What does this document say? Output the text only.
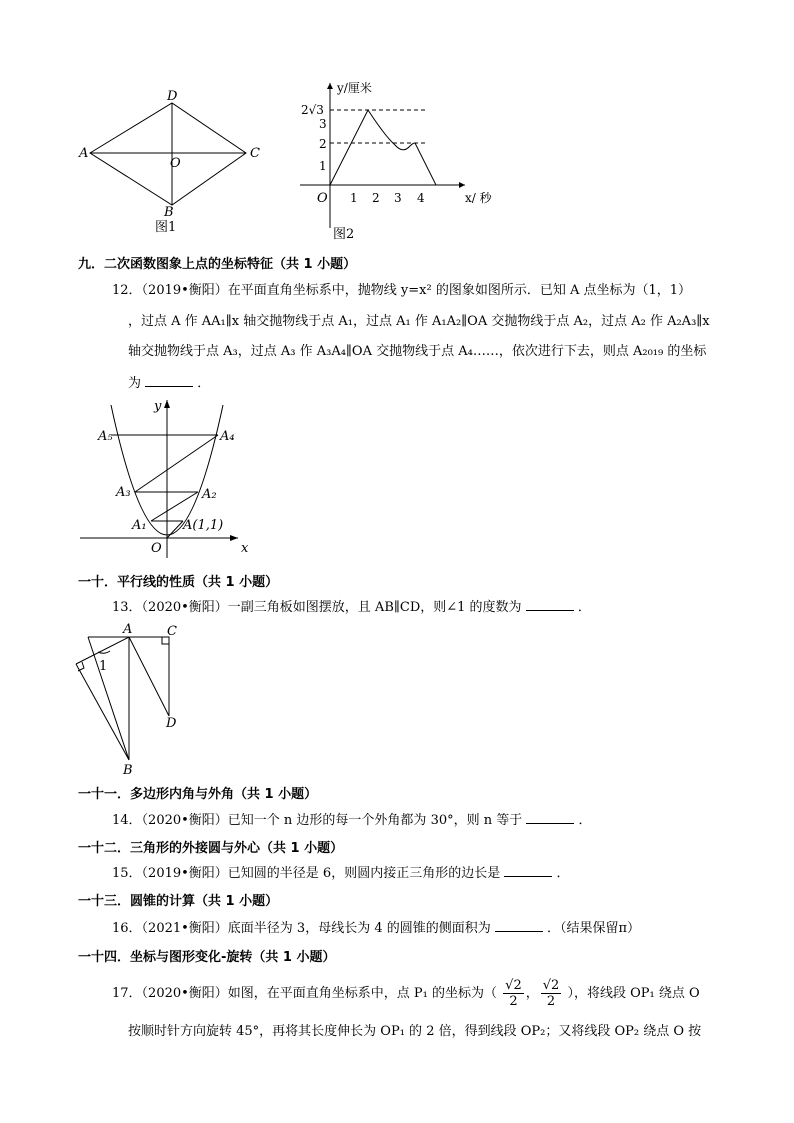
A
D
C
O
B
图1
y/厘米
x/ 秒
O
2√3
3
2
1
1 2 3 4
图2
九．二次函数图象上点的坐标特征（共 1 小题）
12．（2019•衡阳）在平面直角坐标系中，抛物线 y=x² 的图象如图所示．已知 A 点坐标为（1，1）
，过点 A 作 AA₁∥x 轴交抛物线于点 A₁，过点 A₁ 作 A₁A₂∥OA 交抛物线于点 A₂，过点 A₂ 作 A₂A₃∥x
轴交抛物线于点 A₃，过点 A₃ 作 A₃A₄∥OA 交抛物线于点 A₄……，依次进行下去，则点 A₂₀₁₉ 的坐标
为	．
y
x
O
A₅	A₄
A₃	A₂
A₁	A(1,1)
一十．平行线的性质（共 1 小题）
13．（2020•衡阳）一副三角板如图摆放，且 AB∥CD，则∠1 的度数为	．
A	C
D
B
1
一十一．多边形内角与外角（共 1 小题）
14．（2020•衡阳）已知一个 n 边形的每一个外角都为 30°，则 n 等于	．
一十二．三角形的外接圆与外心（共 1 小题）
15．（2019•衡阳）已知圆的半径是 6，则圆内接正三角形的边长是	．
一十三．圆锥的计算（共 1 小题）
16．（2021•衡阳）底面半径为 3，母线长为 4 的圆锥的侧面积为	．（结果保留π）
一十四．坐标与图形变化-旋转（共 1 小题）
17．（2020•衡阳）如图，在平面直角坐标系中，点 P₁ 的坐标为（ $\frac{√2}{2}$ ， $\frac{√2}{2}$ ），将线段 OP₁ 绕点 O
按顺时针方向旋转 45°，再将其长度伸长为 OP₁ 的 2 倍，得到线段 OP₂；又将线段 OP₂ 绕点 O 按
